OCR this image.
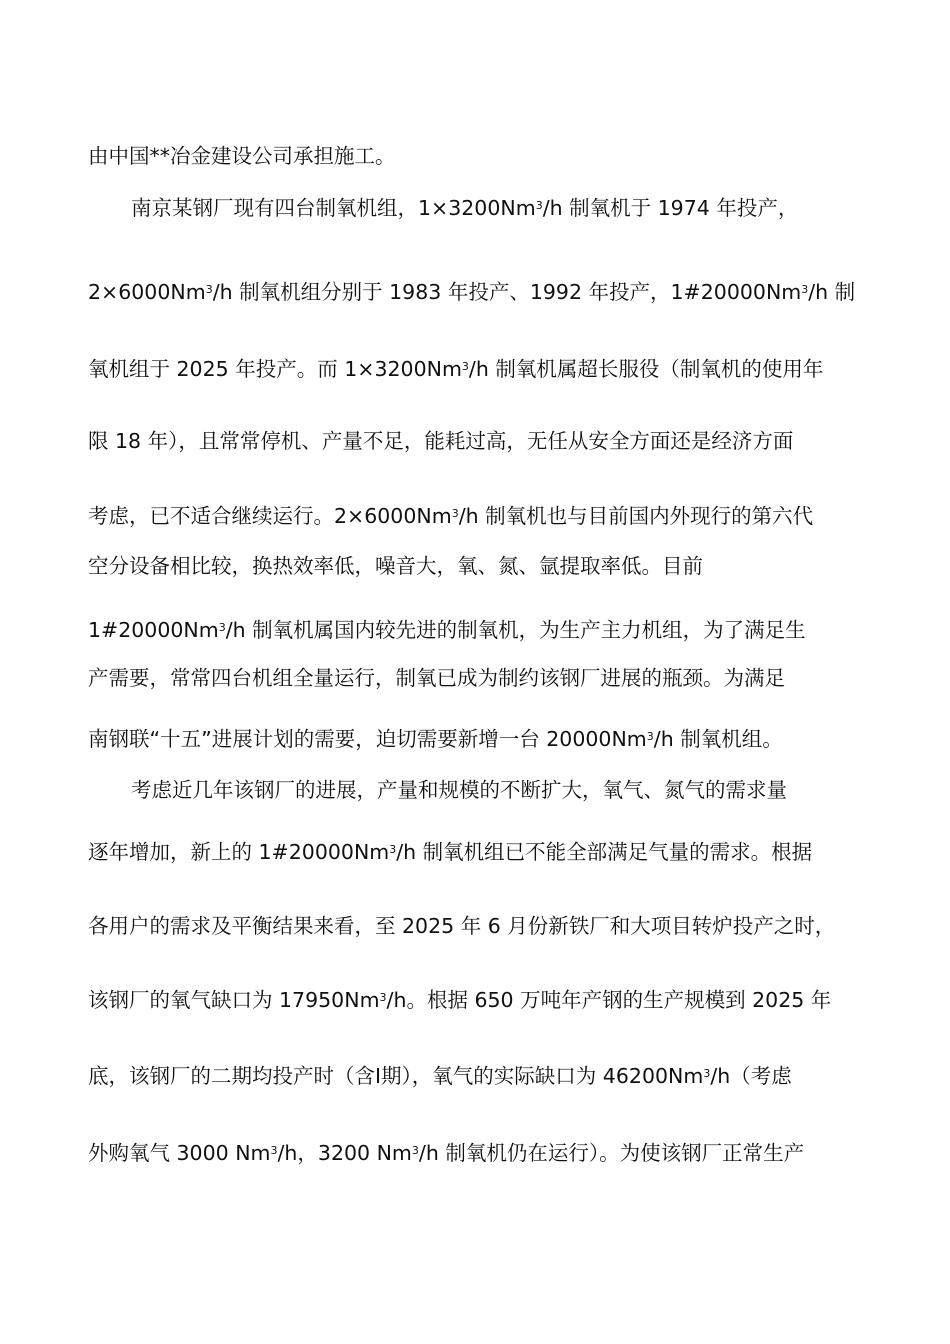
由中国**冶金建设公司承担施工。
南京某钢厂现有四台制氧机组，$1\times 3200Nm^3/h$ 制氧机于 1974 年投产，
$2\times 6000Nm^3/h$ 制氧机组分别于 1983 年投产、1992 年投产，1#20000Nm$^3$/h 制
氧机组于 2025 年投产。而 $1\times 3200Nm^3/h$ 制氧机属超长服役（制氧机的使用年
限 18 年），且常常停机、产量不足，能耗过高，无任从安全方面还是经济方面
考虑，已不适合继续运行。$2\times 6000Nm^3/h$ 制氧机也与目前国内外现行的第六代
空分设备相比较，换热效率低，噪音大，氧、氮、氩提取率低。目前
1#20000Nm$^3$/h 制氧机属国内较先进的制氧机，为生产主力机组，为了满足生
产需要，常常四台机组全量运行，制氧已成为制约该钢厂进展的瓶颈。为满足
南钢联“十五”进展计划的需要，迫切需要新增一台 20000Nm$^3$/h 制氧机组。
考虑近几年该钢厂的进展，产量和规模的不断扩大，氧气、氮气的需求量
逐年增加，新上的 1#20000Nm$^3$/h 制氧机组已不能全部满足气量的需求。根据
各用户的需求及平衡结果来看，至 2025 年 6 月份新铁厂和大项目转炉投产之时，
该钢厂的氧气缺口为 17950Nm$^3$/h。根据 650 万吨年产钢的生产规模到 2025 年
底，该钢厂的二期均投产时（含Ⅰ期），氧气的实际缺口为 46200Nm$^3$/h（考虑
外购氧气 3000 Nm$^3$/h，3200 Nm$^3$/h 制氧机仍在运行）。为使该钢厂正常生产
